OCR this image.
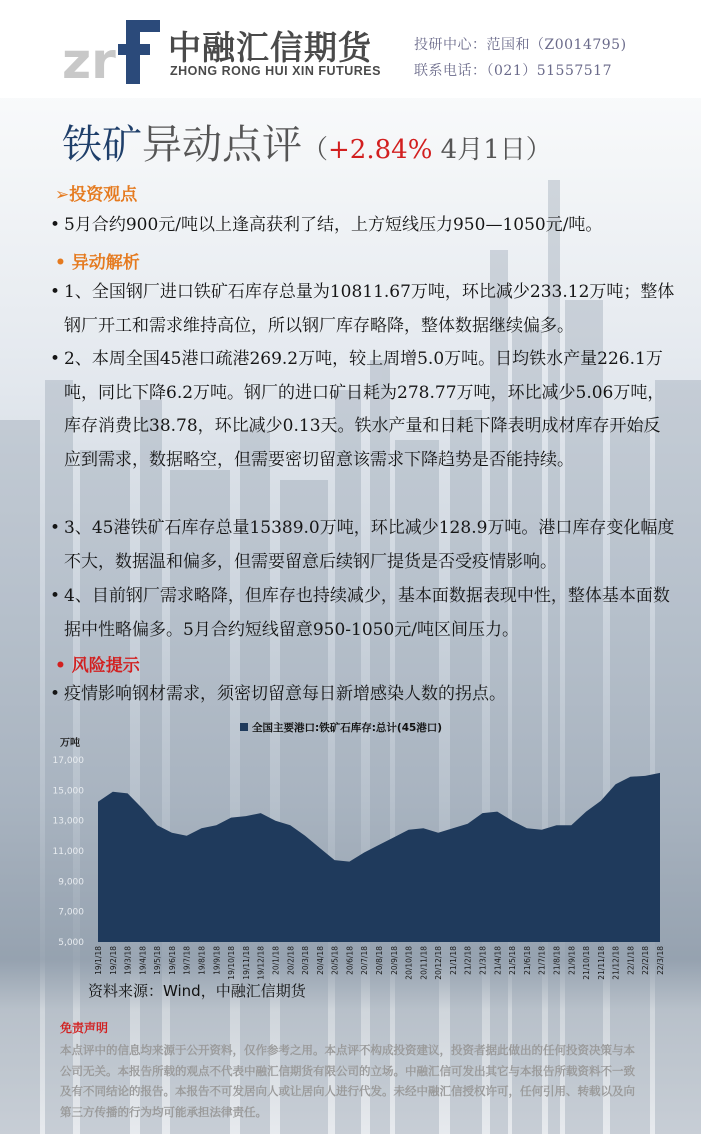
zr 中融汇信期货
ZHONG RONG HUI XIN FUTURES
投研中心：范国和（Z0014795)
联系电话：（021）51557517
铁矿异动点评（+2.84% 4月1日）
➢投资观点
• 5月合约900元/吨以上逢高获利了结，上方短线压力950—1050元/吨。
• 异动解析
• 1、全国钢厂进口铁矿石库存总量为10811.67万吨，环比减少233.12万吨；整体钢厂开工和需求维持高位，所以钢厂库存略降，整体数据继续偏多。
• 2、本周全国45港口疏港269.2万吨，较上周增5.0万吨。日均铁水产量226.1万吨，同比下降6.2万吨。钢厂的进口矿日耗为278.77万吨，环比减少5.06万吨，库存消费比38.78，环比减少0.13天。铁水产量和日耗下降表明成材库存开始反应到需求，数据略空，但需要密切留意该需求下降趋势是否能持续。
• 3、45港铁矿石库存总量15389.0万吨，环比减少128.9万吨。港口库存变化幅度不大，数据温和偏多，但需要留意后续钢厂提货是否受疫情影响。
• 4、目前钢厂需求略降，但库存也持续减少，基本面数据表现中性，整体基本面数据中性略偏多。5月合约短线留意950-1050元/吨区间压力。
• 风险提示
• 疫情影响钢材需求，须密切留意每日新增感染人数的拐点。
全国主要港口:铁矿石库存:总计(45港口)
万吨
5,000
7,000
9,000
11,000
13,000
15,000
17,000
19/1/18 19/2/18 19/3/18 19/4/18 19/5/18 19/6/18 19/7/18 19/8/18 19/9/18 19/10/18 19/11/18 19/12/18 20/1/18 20/2/18 20/3/18 20/4/18 20/5/18 20/6/18 20/7/18 20/8/18 20/9/18 20/10/18 20/11/18 20/12/18 21/1/18 21/2/18 21/3/18 21/4/18 21/5/18 21/6/18 21/7/18 21/8/18 21/9/18 21/10/18 21/11/18 21/12/18 22/1/18 22/2/18 22/3/18
资料来源：Wind，中融汇信期货
免责声明
本点评中的信息均来源于公开资料，仅作参考之用。本点评不构成投资建议，投资者据此做出的任何投资决策与本公司无关。本报告所载的观点不代表中融汇信期货有限公司的立场。中融汇信可发出其它与本报告所载资料不一致及有不同结论的报告。本报告不可发居向人或让居向人进行代发。未经中融汇信授权许可，任何引用、转载以及向第三方传播的行为均可能承担法律责任。
